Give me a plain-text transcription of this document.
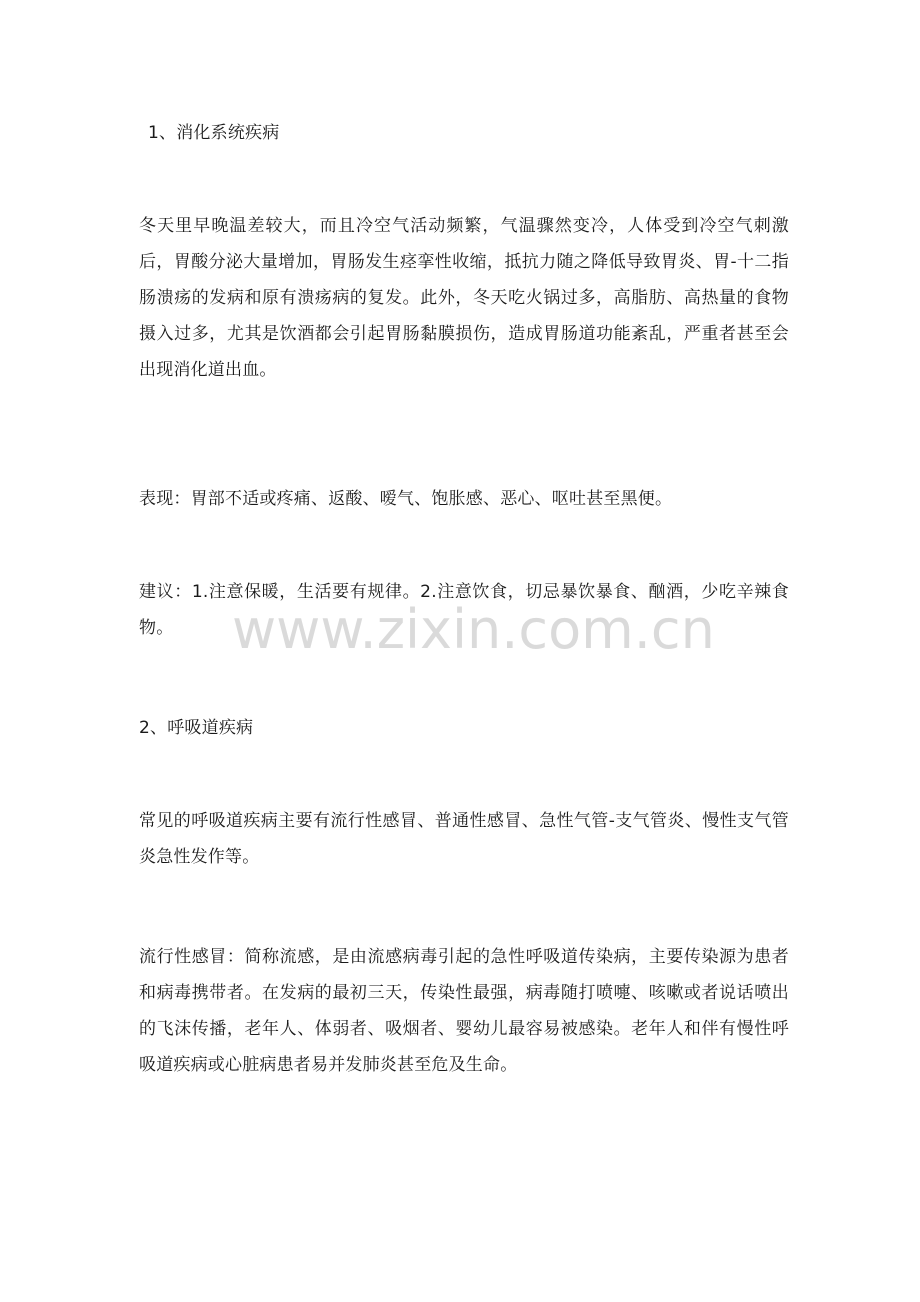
1、消化系统疾病

冬天里早晚温差较大，而且冷空气活动频繁，气温骤然变冷，人体受到冷空气刺激后，胃酸分泌大量增加，胃肠发生痉挛性收缩，抵抗力随之降低导致胃炎、胃-十二指肠溃疡的发病和原有溃疡病的复发。此外，冬天吃火锅过多，高脂肪、高热量的食物摄入过多，尤其是饮酒都会引起胃肠黏膜损伤，造成胃肠道功能紊乱，严重者甚至会出现消化道出血。

表现：胃部不适或疼痛、返酸、嗳气、饱胀感、恶心、呕吐甚至黑便。

建议：1.注意保暖，生活要有规律。2.注意饮食，切忌暴饮暴食、酗酒，少吃辛辣食物。

2、呼吸道疾病

常见的呼吸道疾病主要有流行性感冒、普通性感冒、急性气管-支气管炎、慢性支气管炎急性发作等。

流行性感冒：简称流感，是由流感病毒引起的急性呼吸道传染病，主要传染源为患者和病毒携带者。在发病的最初三天，传染性最强，病毒随打喷嚏、咳嗽或者说话喷出的飞沫传播，老年人、体弱者、吸烟者、婴幼儿最容易被感染。老年人和伴有慢性呼吸道疾病或心脏病患者易并发肺炎甚至危及生命。

www.zixin.com.cn
